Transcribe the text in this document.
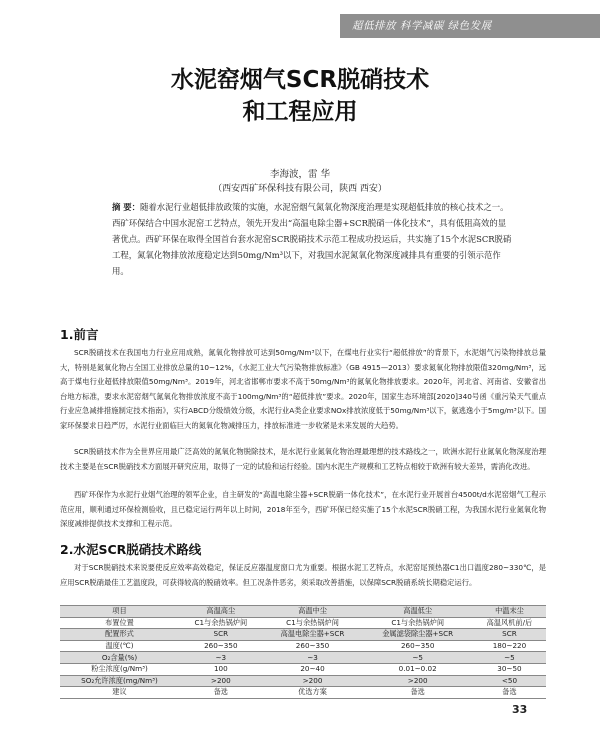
超低排放 科学减碳 绿色发展
水泥窑烟气SCR脱硝技术
和工程应用
李海波，雷 华
（西安西矿环保科技有限公司，陕西 西安）
摘 要：随着水泥行业超低排放政策的实施，水泥窑烟气氮氧化物深度治理是实现超低排放的核心技术之一。西矿环保结合中国水泥窑工艺特点，领先开发出“高温电除尘器+SCR脱硝一体化技术”，具有低阻高效的显著优点。西矿环保在取得全国首台套水泥窑SCR脱硝技术示范工程成功投运后，共实施了15个水泥SCR脱硝工程，氮氧化物排放浓度稳定达到50mg/Nm³以下，对我国水泥氮氧化物深度减排具有重要的引领示范作用。
1.前言
SCR脱硝技术在我国电力行业应用成熟，氮氧化物排放可达到50mg/Nm³以下，在煤电行业实行“超低排放”的背景下，水泥烟气污染物排放总量大，特别是氮氧化物占全国工业排放总量的10~12%，《水泥工业大气污染物排放标准》（GB 4915—2013）要求氮氧化物排放限值320mg/Nm³，远高于煤电行业超低排放限值50mg/Nm³。2019年，河北省邯郸市要求不高于50mg/Nm³的氮氧化物排放要求。2020年，河北省、河南省、安徽省出台地方标准，要求水泥窑烟气氮氧化物排放浓度不高于100mg/Nm³的“超低排放”要求。2020年，国家生态环境部[2020]340号函《重污染天气重点行业应急减排措施制定技术指南》，实行ABCD分级绩效分级，水泥行业A类企业要求NOx排放浓度低于50mg/Nm³以下，氨逃逸小于5mg/m³以下。国家环保要求日趋严厉，水泥行业面临巨大的氮氧化物减排压力，排放标准进一步收紧是未来发展的大趋势。
SCR脱硝技术作为全世界应用最广泛高效的氮氧化物脱除技术，是水泥行业氮氧化物治理最理想的技术路线之一，欧洲水泥行业氮氧化物深度治理技术主要是在SCR脱硝技术方面展开研究应用，取得了一定的试验和运行经验。国内水泥生产规模和工艺特点相较于欧洲有较大差异，需消化改进。
西矿环保作为水泥行业烟气治理的领军企业，自主研发的“高温电除尘器+SCR脱硝一体化技术”，在水泥行业开展首台4500t/d水泥窑烟气工程示范应用，顺利通过环保检测验收，且已稳定运行两年以上时间，2018年至今，西矿环保已经实施了15个水泥SCR脱硝工程，为我国水泥行业氮氧化物深度减排提供技术支撑和工程示范。
2.水泥SCR脱硝技术路线
对于SCR脱硝技术来说要使反应效率高效稳定，保证反应器温度窗口尤为重要。根据水泥工艺特点，水泥窑尾预热器C1出口温度280~330℃，是应用SCR脱硝最佳工艺温度段，可获得较高的脱硝效率。但工况条件恶劣，须采取改善措施，以保障SCR脱硝系统长期稳定运行。
项目	高温高尘	高温中尘	高温低尘	中温末尘
布置位置	C1与余热锅炉间	C1与余热锅炉间	C1与余热锅炉间	高温风机前/后
配置形式	SCR	高温电除尘器+SCR	金属滤袋除尘器+SCR	SCR
温度(℃)	260~350	260~350	260~350	180~220
O₂含量(%)	~3	~3	~5	~5
粉尘浓度(g/Nm³)	100	20~40	0.01~0.02	30~50
SO₂允许浓度(mg/Nm³)	>200	>200	>200	<50
建议	备选	优选方案	备选	备选
33
